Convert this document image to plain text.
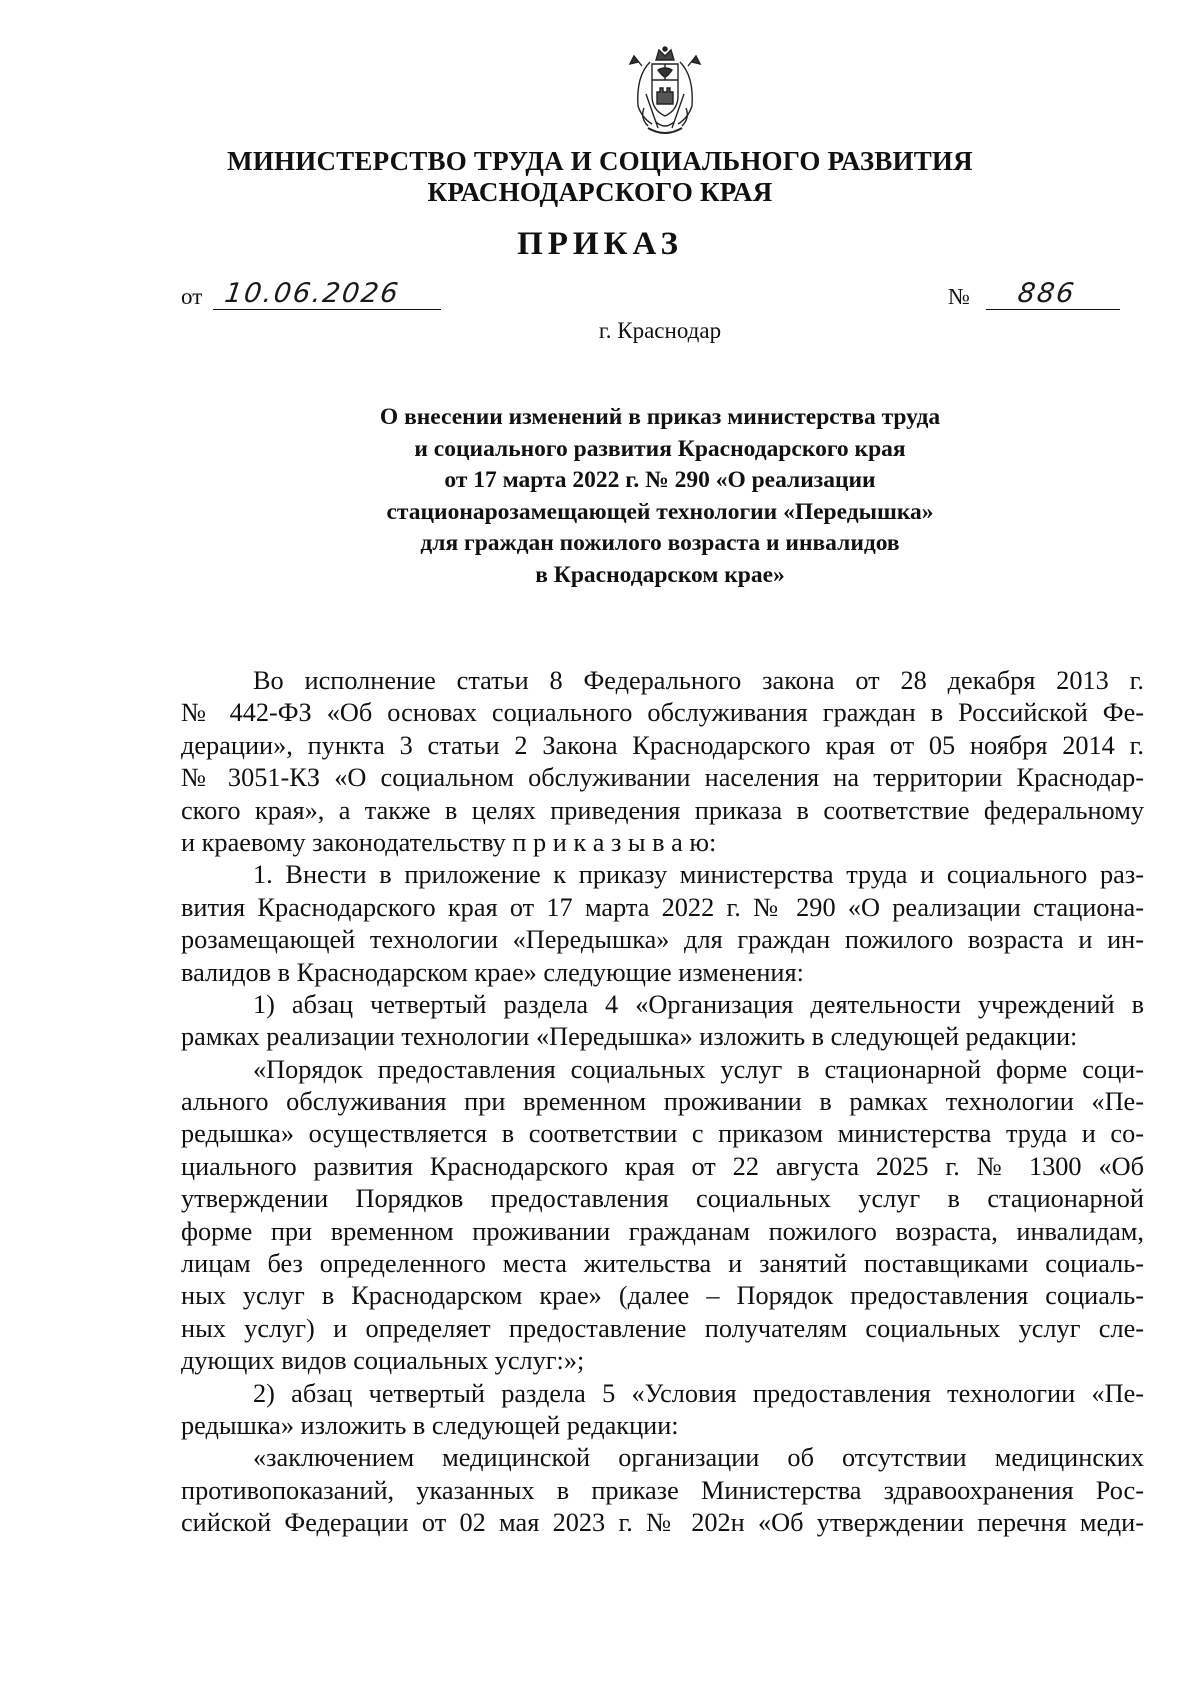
МИНИСТЕРСТВО ТРУДА И СОЦИАЛЬНОГО РАЗВИТИЯ
КРАСНОДАРСКОГО КРАЯ
ПРИКАЗ
от 10.06.2026	№ 886
г. Краснодар
О внесении изменений в приказ министерства труда
и социального развития Краснодарского края
от 17 марта 2022 г. № 290 «О реализации
стационарозамещающей технологии «Передышка»
для граждан пожилого возраста и инвалидов
в Краснодарском крае»
Во исполнение статьи 8 Федерального закона от 28 декабря 2013 г.
№ 442-ФЗ «Об основах социального обслуживания граждан в Российской Фе-
дерации», пункта 3 статьи 2 Закона Краснодарского края от 05 ноября 2014 г.
№ 3051-КЗ «О социальном обслуживании населения на территории Краснодар-
ского края», а также в целях приведения приказа в соответствие федеральному
и краевому законодательству п р и к а з ы в а ю:
1. Внести в приложение к приказу министерства труда и социального раз-
вития Краснодарского края от 17 марта 2022 г. № 290 «О реализации стациона-
розамещающей технологии «Передышка» для граждан пожилого возраста и ин-
валидов в Краснодарском крае» следующие изменения:
1) абзац четвертый раздела 4 «Организация деятельности учреждений в
рамках реализации технологии «Передышка» изложить в следующей редакции:
«Порядок предоставления социальных услуг в стационарной форме соци-
ального обслуживания при временном проживании в рамках технологии «Пе-
редышка» осуществляется в соответствии с приказом министерства труда и со-
циального развития Краснодарского края от 22 августа 2025 г. № 1300 «Об
утверждении Порядков предоставления социальных услуг в стационарной
форме при временном проживании гражданам пожилого возраста, инвалидам,
лицам без определенного места жительства и занятий поставщиками социаль-
ных услуг в Краснодарском крае» (далее – Порядок предоставления социаль-
ных услуг) и определяет предоставление получателям социальных услуг сле-
дующих видов социальных услуг:»;
2) абзац четвертый раздела 5 «Условия предоставления технологии «Пе-
редышка» изложить в следующей редакции:
«заключением медицинской организации об отсутствии медицинских
противопоказаний, указанных в приказе Министерства здравоохранения Рос-
сийской Федерации от 02 мая 2023 г. № 202н «Об утверждении перечня меди-
